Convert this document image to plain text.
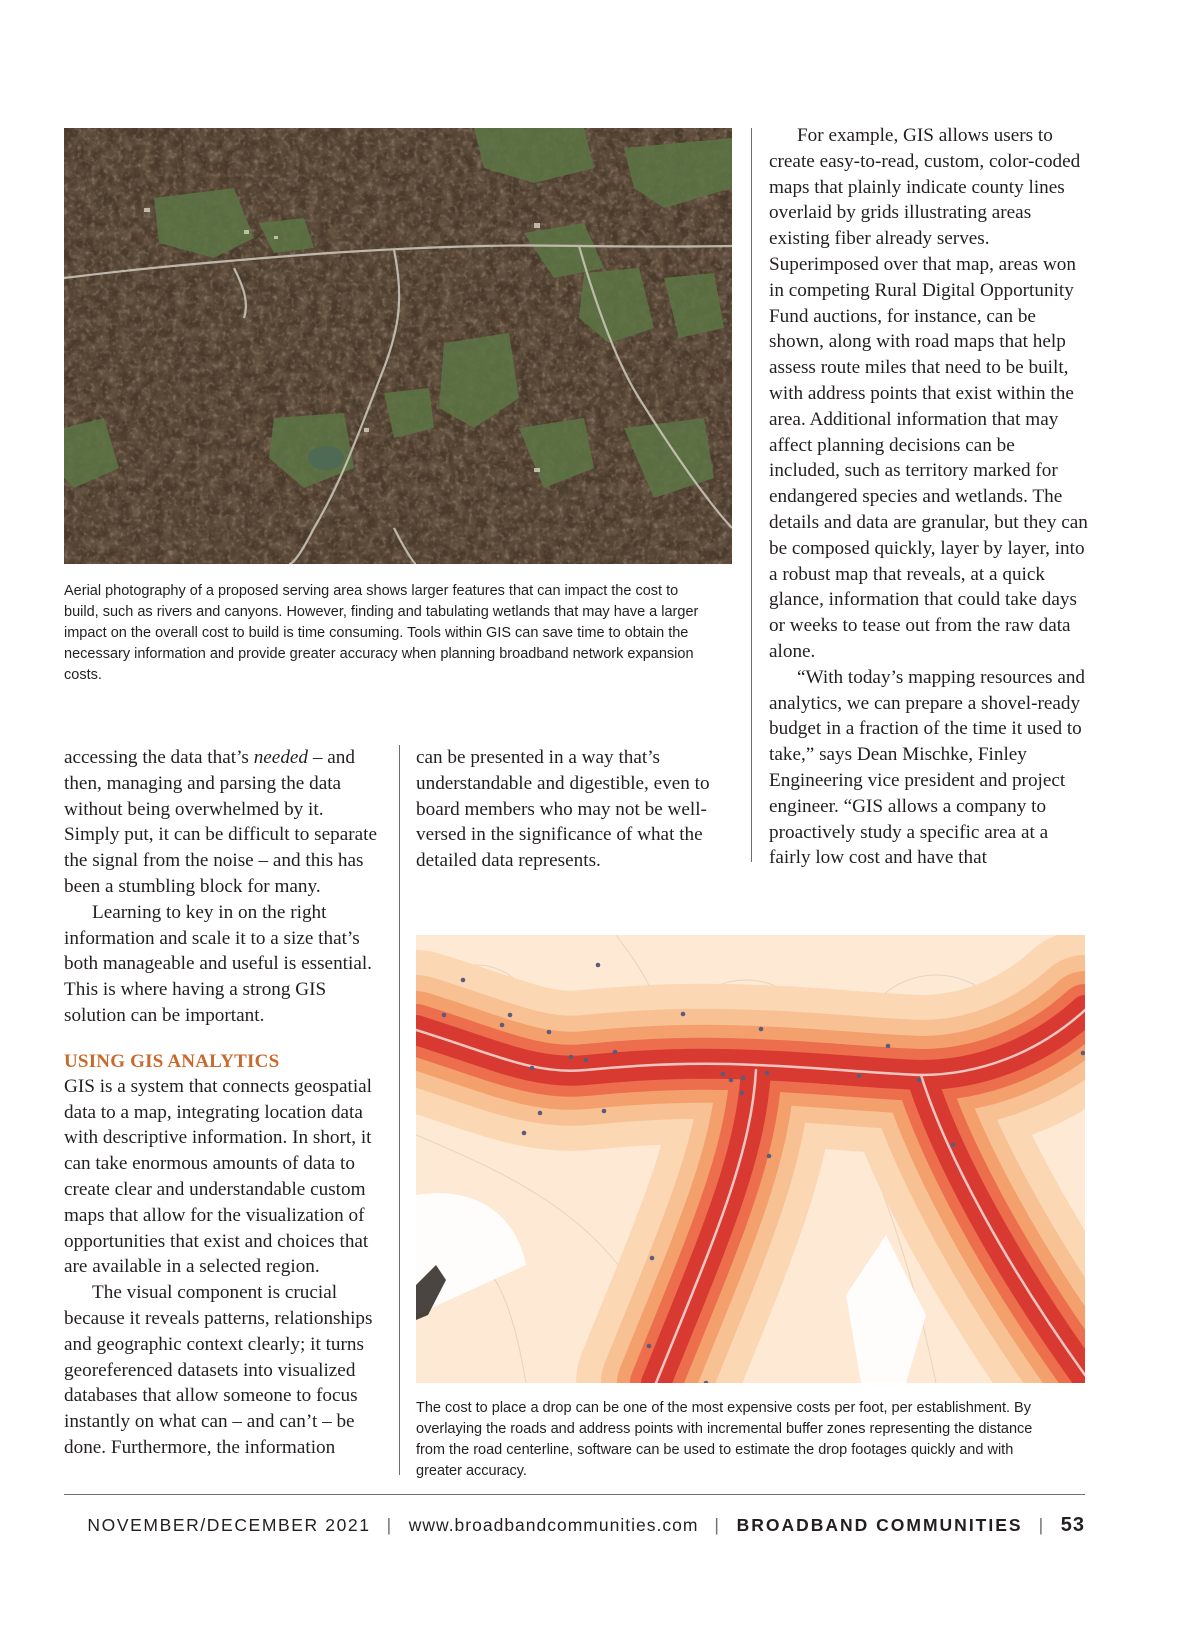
Aerial photography of a proposed serving area shows larger features that can impact the cost to build, such as rivers and canyons. However, finding and tabulating wetlands that may have a larger impact on the overall cost to build is time consuming. Tools within GIS can save time to obtain the necessary information and provide greater accuracy when planning broadband network expansion costs.

For example, GIS allows users to create easy-to-read, custom, color-coded maps that plainly indicate county lines overlaid by grids illustrating areas existing fiber already serves. Superimposed over that map, areas won in competing Rural Digital Opportunity Fund auctions, for instance, can be shown, along with road maps that help assess route miles that need to be built, with address points that exist within the area. Additional information that may affect planning decisions can be included, such as territory marked for endangered species and wetlands. The details and data are granular, but they can be composed quickly, layer by layer, into a robust map that reveals, at a quick glance, information that could take days or weeks to tease out from the raw data alone.

“With today’s mapping resources and analytics, we can prepare a shovel-ready budget in a fraction of the time it used to take,” says Dean Mischke, Finley Engineering vice president and project engineer. “GIS allows a company to proactively study a specific area at a fairly low cost and have that

accessing the data that’s needed – and then, managing and parsing the data without being overwhelmed by it. Simply put, it can be difficult to separate the signal from the noise – and this has been a stumbling block for many.

Learning to key in on the right information and scale it to a size that’s both manageable and useful is essential. This is where having a strong GIS solution can be important.

USING GIS ANALYTICS

GIS is a system that connects geospatial data to a map, integrating location data with descriptive information. In short, it can take enormous amounts of data to create clear and understandable custom maps that allow for the visualization of opportunities that exist and choices that are available in a selected region.

The visual component is crucial because it reveals patterns, relationships and geographic context clearly; it turns georeferenced datasets into visualized databases that allow someone to focus instantly on what can – and can’t – be done. Furthermore, the information

can be presented in a way that’s understandable and digestible, even to board members who may not be well-versed in the significance of what the detailed data represents.

The cost to place a drop can be one of the most expensive costs per foot, per establishment. By overlaying the roads and address points with incremental buffer zones representing the distance from the road centerline, software can be used to estimate the drop footages quickly and with greater accuracy.
NOVEMBER/DECEMBER 2021 | www.broadbandcommunities.com | BROADBAND COMMUNITIES | 53
